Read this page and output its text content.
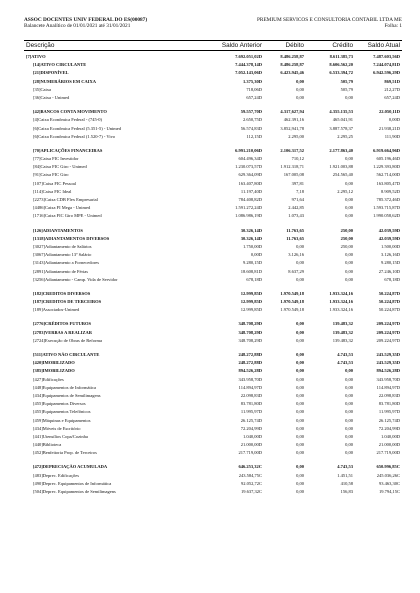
ASSOC DOCENTES UNIV FEDERAL DO ES(00087)	PREMIUM SERVICOS E CONSULTORIA CONTABIL LTDA ME
Balancete Analítico de 01/01/2021 até 31/01/2021	Folha: 1
Descrição	Saldo Anterior	Débito	Crédito Saldo Atual
[7]ATIVO	7.692.051,02D	8.486.258,87	8.611.385,73	7.487.603,56D
[14]ATIVO CIRCULANTE	7.444.378,14D	8.486.258,87	8.606.562,20	7.244.074,81D
[21]DISPONÍVEL	7.052.143,06D	6.423.945,46	6.533.394,72	6.942.596,29D
[28]NUMERÁRIOS EM CAIXA	1.375,30D	0,00	505,79	869,51D
[35]Caixa	718,06D	0,00	505,79	212,27D
[36]Caixa - Unimed	657,24D	0,00	0,00	657,24D
[42]BANCOS CONTA MOVIMENTO	59.557,70D	4.317,627,94	4.355.135,53	22.050,11D
[4]Caixa Econômica Federal - (745-0)	2.650,75D	462.391,16	465.041,91	0,00D
[6]Caixa Econômica Federal (5.351-5) - Unimed	56.574,83D	3.852,941,78	3.887.578,37	21.938,21D
[6]Caixa Econômica Federal (1.520-7) - Vivo	112,15D	2.295,00	2.295,25	111,90D
[70]APLICAÇÕES FINANCEIRAS	6.991.210,06D	2.106.317,52	2.177.863,40	6.919.664,96D
[77]Caixa FIC Investidor	604.496,34D	710,12	0,00	605.196,46D
[84]Caixa FIC Giro - Unimed	1.230.073,57D	1.912.318,71	1.921.003,88	1.229.393,80D
[91]Caixa FIC Giro	629.364,09D	167.005,08	254.565,40	562.714,00D
[107]Caixa FIC Pessoal	163.407,80D	397,81	0,00	163.805,47D
[114]Caixa FIC Ideal	11.197,40D	7,18	2.295,12	8.909,52D
[2273]Caixa CDB Flex Empresarial	784.408,82D	971,64	0,00	785.372,46D
[4486]Caixa FI Mega - Unimed	1.591.272,24D	2.442,85	0,00	1.593.715,87D
[1716]Caixa FIC Giro MPE - Unimed	1.086.986,19D	1.073,43	0,00	1.990.058,62D
[126]ADIANTAMENTOS	30.326,14D	11.763,65	250,00	42.039,59D
[1318]ADIANTAMENTOS DIVERSOS	30.326,14D	11.763,65	250,00	42.039,59D
[3027]Adiantamento de Salários	1.750,00D	0,00	250,00	1.500,00D
[3067]Adiantamento 13º Salário	0,00D	3.126,16	0,00	3.126,16D
[3143]Adiantamento a Fornecedores	9.280,15D	0,00	0,00	9.280,15D
[2891]Adiantamento de Férias	18.608,81D	8.637,29	0,00	27.246,10D
[3256]Adiantamento - Camp. Vida de Servidor	678,18D	0,00	0,00	678,18D
[182]CREDITOS DIVERSOS	12.999,85D	1.970.549,18	1.933.324,16	50.224,87D
[187]CREDITOS DE TERCEIROS	12.999,85D	1.970.549,18	1.933.324,16	50.224,87D
[189]Associados-Unimed	12.999,85D	1.970.549,18	1.933.324,16	50.224,87D
[2776]CRÉDITOS FUTUROS	348.708,29D	0,00	139.483,32	209.224,97D
[2783]VERBAS A REALIZAR	348.708,29D	0,00	139.483,32	209.224,97D
[2724]Execução de Obras de Reforma	348.708,29D	0,00	139.483,32	209.224,97D
[511]ATIVO NÃO CIRCULANTE	248.272,88D	0,00	4.743,53	243.529,35D
[420]IMOBILIZADO	248.272,88D	0,00	4.743,53	243.529,35D
[385]IMOBILIZADO	894.526,28D	0,00	0,00	894.526,28D
[427]Edificações	343.958,70D	0,00	0,00	343.958,70D
[448]Equipamentos de Informática	114.894,97D	0,00	0,00	114.894,97D
[434]Equipamentos de Semilimagens	22.098,83D	0,00	0,00	22.098,83D
[455]Equipamentos Diversos	83.781,80D	0,00	0,00	83.781,80D
[455]Equipamentos Telefônicos	11.995,97D	0,00	0,00	11.995,97D
[459]Máquinas e Equipamentos	26.125,74D	0,00	0,00	26.125,74D
[434]Móveis de Escritório	72.204,99D	0,00	0,00	72.204,99D
[441]Utensílios Copa/Cozinha	1.040,00D	0,00	0,00	1.040,00D
[440]Biblioteca	21.000,00D	0,00	0,00	21.000,00D
[452]Benfeitoria Prop. de Terceiros	217.719,00D	0,00	0,00	217.719,00D
[472]DEPRECIAÇÃO ACUMULADA	646.253,32C	0,00	4.743,53	650.996,85C
[483]Deprec. Edificações	243.584,75C	0,00	1.451,51	245.036,26C
[490]Deprec. Equipamentos de Informática	92.052,72C	0,00	410,58	93.463,30C
[504]Deprec. Equipamentos de Semilimagens	19.637,32C	0,00	156,83	19.794,15C
